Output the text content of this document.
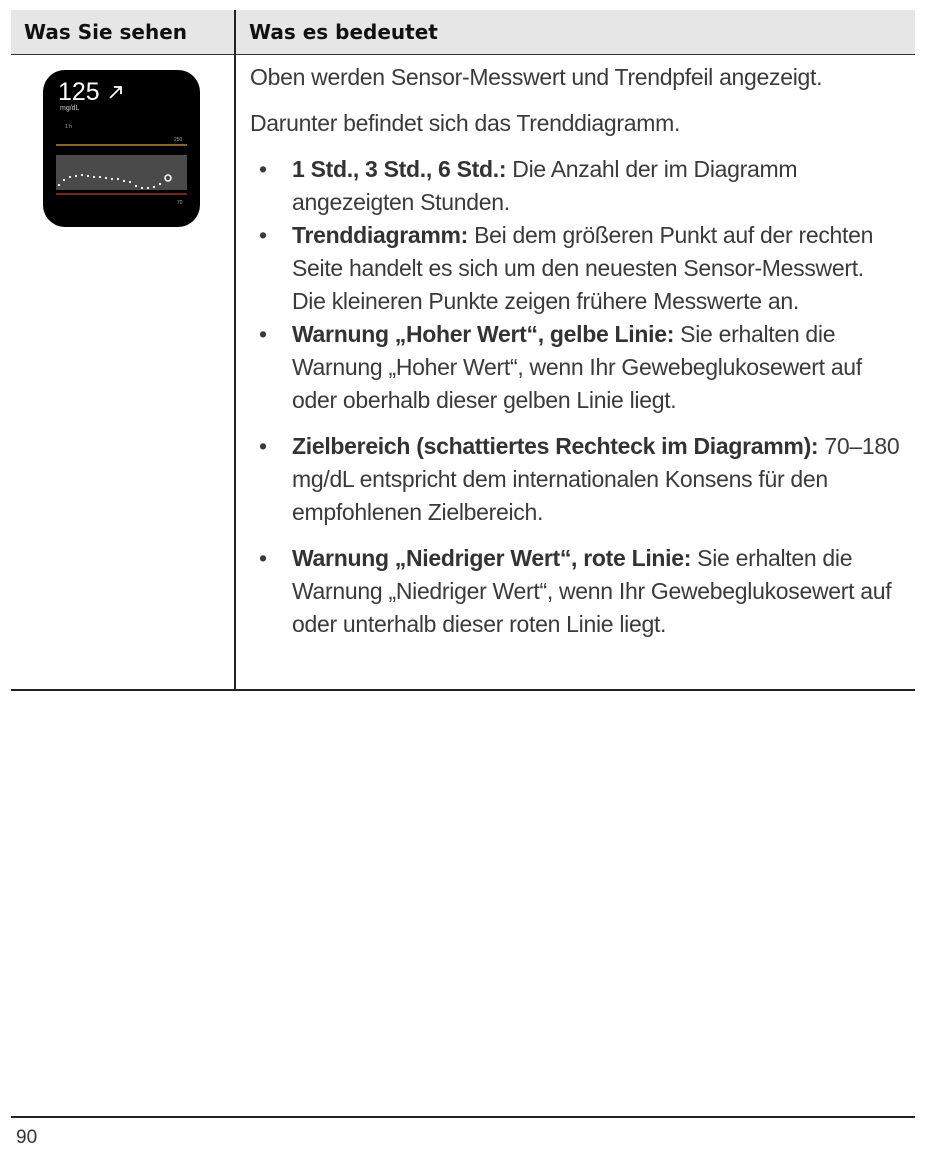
Was Sie sehen	Was es bedeutet
125
mg/dL
1 h
250
70

Oben werden Sensor-Messwert und Trendpfeil angezeigt.

Darunter befindet sich das Trenddiagramm.

• 1 Std., 3 Std., 6 Std.: Die Anzahl der im Diagramm angezeigten Stunden.
• Trenddiagramm: Bei dem größeren Punkt auf der rechten Seite handelt es sich um den neuesten Sensor-Messwert. Die kleineren Punkte zeigen frühere Messwerte an.
• Warnung „Hoher Wert“, gelbe Linie: Sie erhalten die Warnung „Hoher Wert“, wenn Ihr Gewebeglukosewert auf oder oberhalb dieser gelben Linie liegt.
• Zielbereich (schattiertes Rechteck im Diagramm): 70–180 mg/dL entspricht dem internationalen Konsens für den empfohlenen Zielbereich.
• Warnung „Niedriger Wert“, rote Linie: Sie erhalten die Warnung „Niedriger Wert“, wenn Ihr Gewebeglukosewert auf oder unterhalb dieser roten Linie liegt.
90
